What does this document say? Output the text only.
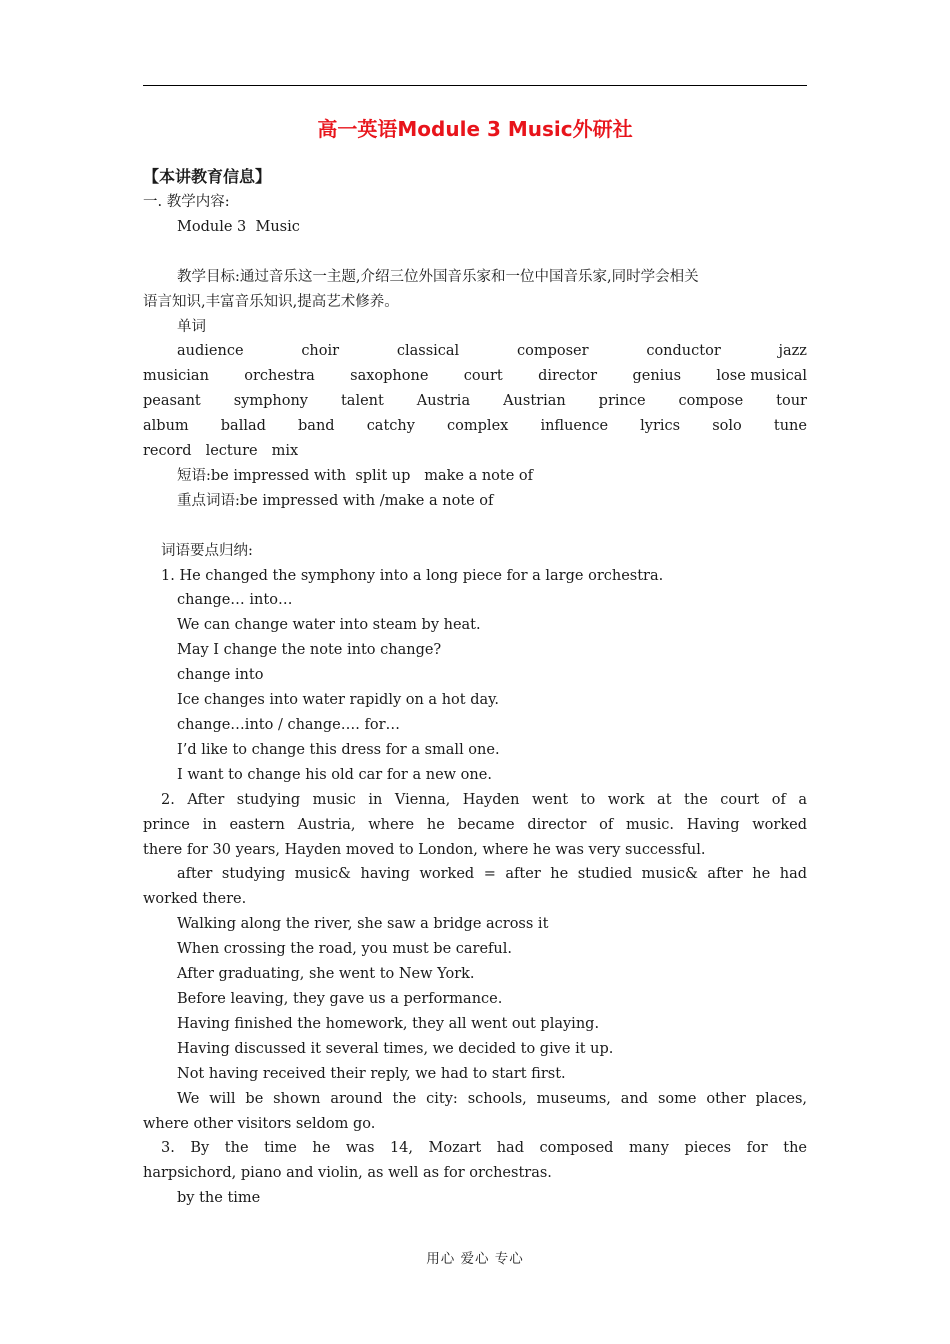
高一英语Module 3 Music外研社
【本讲教育信息】
一. 教学内容:
Module 3  Music
教学目标:通过音乐这一主题,介绍三位外国音乐家和一位中国音乐家,同时学会相关
语言知识,丰富音乐知识,提高艺术修养。
单词
audience	choir	classical	composer	conductor	jazz
musician orchestra saxophone court director genius lose musical
peasant symphony talent Austria Austrian prince compose tour
album ballad band catchy complex influence lyrics solo tune
record lecture mix
短语:be impressed with  split up   make a note of
重点词语:be impressed with /make a note of
词语要点归纳:
1. He changed the symphony into a long piece for a large orchestra.
change… into…
We can change water into steam by heat.
May I change the note into change?
change into
Ice changes into water rapidly on a hot day.
change…into / change…. for…
I’d like to change this dress for a small one.
I want to change his old car for a new one.
2. After studying music in Vienna, Hayden went to work at the court of a
prince in eastern Austria, where he became director of music. Having worked
there for 30 years, Hayden moved to London, where he was very successful.
after studying music& having worked = after he studied music& after he had
worked there.
Walking along the river, she saw a bridge across it
When crossing the road, you must be careful.
After graduating, she went to New York.
Before leaving, they gave us a performance.
Having finished the homework, they all went out playing.
Having discussed it several times, we decided to give it up.
Not having received their reply, we had to start first.
We will be shown around the city: schools, museums, and some other places,
where other visitors seldom go.
3. By the time he was 14, Mozart had composed many pieces for the
harpsichord, piano and violin, as well as for orchestras.
by the time
用心 爱心 专心
